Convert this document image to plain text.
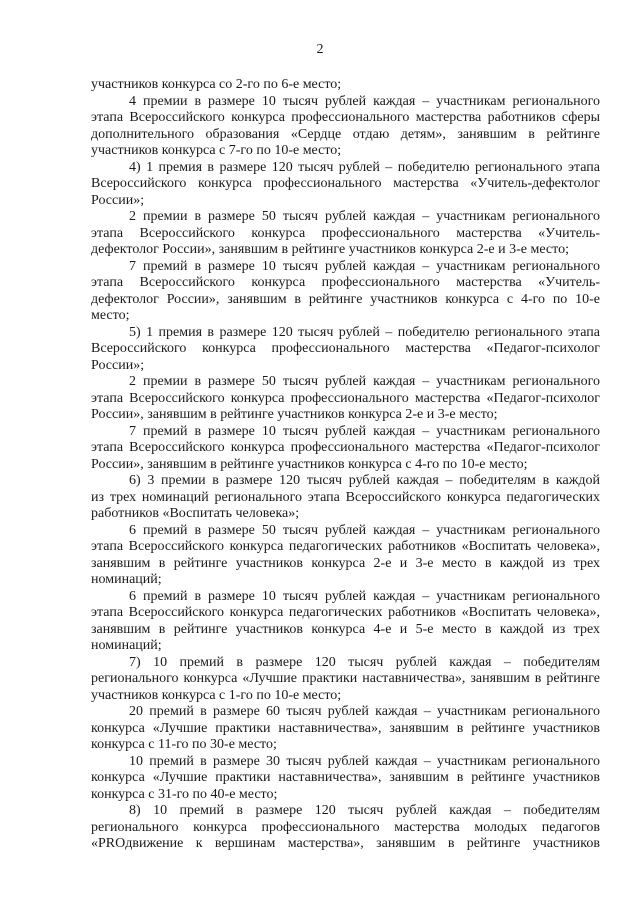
2
участников конкурса со 2-го по 6-е место;
4 премии в размере 10 тысяч рублей каждая – участникам регионального
этапа Всероссийского конкурса профессионального мастерства работников сферы
дополнительного образования «Сердце отдаю детям», занявшим в рейтинге
участников конкурса с 7-го по 10-е место;
4) 1 премия в размере 120 тысяч рублей – победителю регионального этапа
Всероссийского конкурса профессионального мастерства «Учитель-дефектолог
России»;
2 премии в размере 50 тысяч рублей каждая – участникам регионального
этапа Всероссийского конкурса профессионального мастерства «Учитель-
дефектолог России», занявшим в рейтинге участников конкурса 2-е и 3-е место;
7 премий в размере 10 тысяч рублей каждая – участникам регионального
этапа Всероссийского конкурса профессионального мастерства «Учитель-
дефектолог России», занявшим в рейтинге участников конкурса с 4-го по 10-е
место;
5) 1 премия в размере 120 тысяч рублей – победителю регионального этапа
Всероссийского конкурса профессионального мастерства «Педагог-психолог
России»;
2 премии в размере 50 тысяч рублей каждая – участникам регионального
этапа Всероссийского конкурса профессионального мастерства «Педагог-психолог
России», занявшим в рейтинге участников конкурса 2-е и 3-е место;
7 премий в размере 10 тысяч рублей каждая – участникам регионального
этапа Всероссийского конкурса профессионального мастерства «Педагог-психолог
России», занявшим в рейтинге участников конкурса с 4-го по 10-е место;
6) 3 премии в размере 120 тысяч рублей каждая – победителям в каждой
из трех номинаций регионального этапа Всероссийского конкурса педагогических
работников «Воспитать человека»;
6 премий в размере 50 тысяч рублей каждая – участникам регионального
этапа Всероссийского конкурса педагогических работников «Воспитать человека»,
занявшим в рейтинге участников конкурса 2-е и 3-е место в каждой из трех
номинаций;
6 премий в размере 10 тысяч рублей каждая – участникам регионального
этапа Всероссийского конкурса педагогических работников «Воспитать человека»,
занявшим в рейтинге участников конкурса 4-е и 5-е место в каждой из трех
номинаций;
7) 10 премий в размере 120 тысяч рублей каждая – победителям
регионального конкурса «Лучшие практики наставничества», занявшим в рейтинге
участников конкурса с 1-го по 10-е место;
20 премий в размере 60 тысяч рублей каждая – участникам регионального
конкурса «Лучшие практики наставничества», занявшим в рейтинге участников
конкурса с 11-го по 30-е место;
10 премий в размере 30 тысяч рублей каждая – участникам регионального
конкурса «Лучшие практики наставничества», занявшим в рейтинге участников
конкурса с 31-го по 40-е место;
8) 10 премий в размере 120 тысяч рублей каждая – победителям
регионального конкурса профессионального мастерства молодых педагогов
«PROдвижение к вершинам мастерства», занявшим в рейтинге участников
